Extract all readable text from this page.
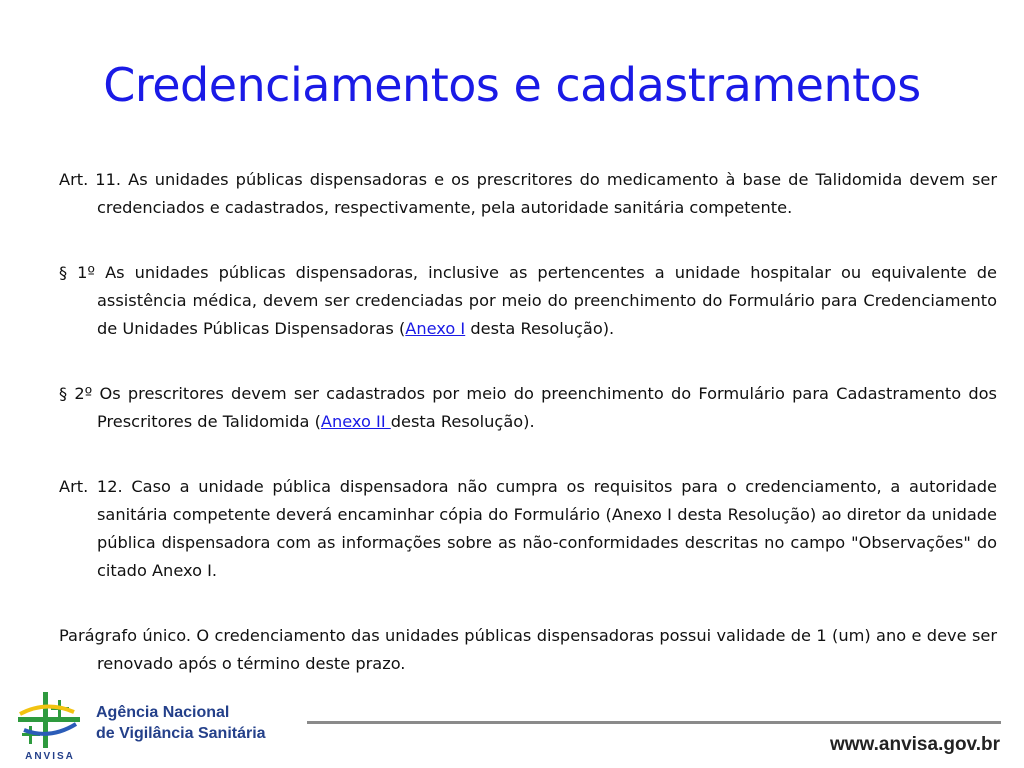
Credenciamentos e cadastramentos

Art. 11. As unidades públicas dispensadoras e os prescritores do medicamento à base de Talidomida devem ser credenciados e cadastrados, respectivamente, pela autoridade sanitária competente.

§ 1º As unidades públicas dispensadoras, inclusive as pertencentes a unidade hospitalar ou equivalente de assistência médica, devem ser credenciadas por meio do preenchimento do Formulário para Credenciamento de Unidades Públicas Dispensadoras (Anexo I desta Resolução).

§ 2º Os prescritores devem ser cadastrados por meio do preenchimento do Formulário para Cadastramento dos Prescritores de Talidomida (Anexo II desta Resolução).

Art. 12. Caso a unidade pública dispensadora não cumpra os requisitos para o credenciamento, a autoridade sanitária competente deverá encaminhar cópia do Formulário (Anexo I desta Resolução) ao diretor da unidade pública dispensadora com as informações sobre as não-conformidades descritas no campo "Observações" do citado Anexo I.

Parágrafo único. O credenciamento das unidades públicas dispensadoras possui validade de 1 (um) ano e deve ser renovado após o término deste prazo.

ANVISA
Agência Nacional
de Vigilância Sanitária
www.anvisa.gov.br
